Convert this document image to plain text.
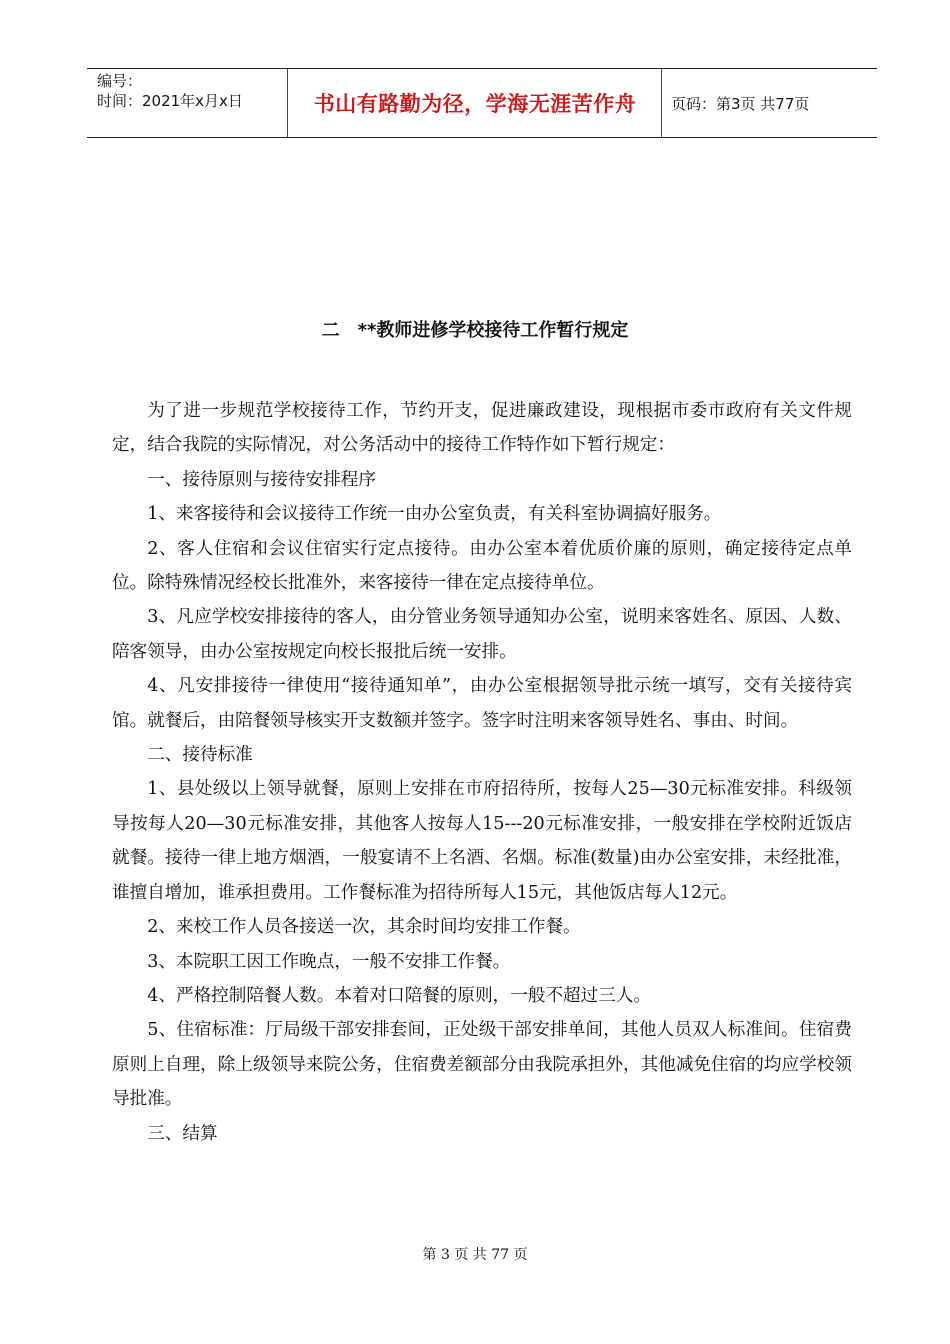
编号：
时间：2021年x月x日	书山有路勤为径，学海无涯苦作舟	页码：第3页 共77页
二 **教师进修学校接待工作暂行规定

为了进一步规范学校接待工作，节约开支，促进廉政建设，现根据市委市政府有关文件规定，结合我院的实际情况，对公务活动中的接待工作特作如下暂行规定：

一、接待原则与接待安排程序

1、来客接待和会议接待工作统一由办公室负责，有关科室协调搞好服务。

2、客人住宿和会议住宿实行定点接待。由办公室本着优质价廉的原则，确定接待定点单位。除特殊情况经校长批准外，来客接待一律在定点接待单位。

3、凡应学校安排接待的客人，由分管业务领导通知办公室，说明来客姓名、原因、人数、陪客领导，由办公室按规定向校长报批后统一安排。

4、凡安排接待一律使用“接待通知单”，由办公室根据领导批示统一填写，交有关接待宾馆。就餐后，由陪餐领导核实开支数额并签字。签字时注明来客领导姓名、事由、时间。

二、接待标准

1、县处级以上领导就餐，原则上安排在市府招待所，按每人25—30元标准安排。科级领导按每人20—30元标准安排，其他客人按每人15---20元标准安排，一般安排在学校附近饭店就餐。接待一律上地方烟酒，一般宴请不上名酒、名烟。标准(数量)由办公室安排，未经批准，谁擅自增加，谁承担费用。工作餐标准为招待所每人15元，其他饭店每人12元。

2、来校工作人员各接送一次，其余时间均安排工作餐。

3、本院职工因工作晚点，一般不安排工作餐。

4、严格控制陪餐人数。本着对口陪餐的原则，一般不超过三人。

5、住宿标准：厅局级干部安排套间，正处级干部安排单间，其他人员双人标准间。住宿费原则上自理，除上级领导来院公务，住宿费差额部分由我院承担外，其他减免住宿的均应学校领导批准。

三、结算

第 3 页 共 77 页
